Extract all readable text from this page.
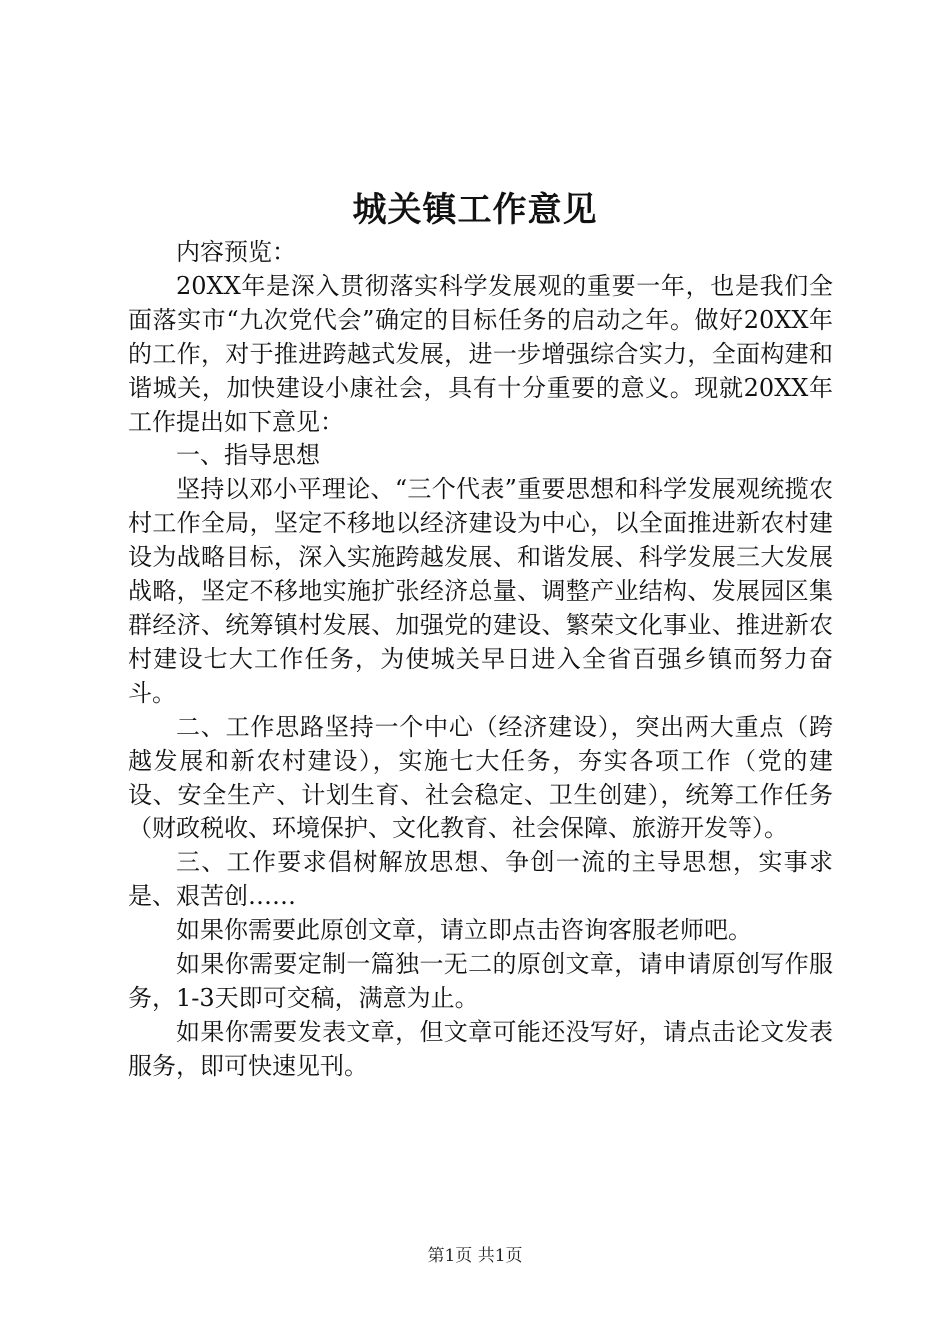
城关镇工作意见

内容预览：

20XX年是深入贯彻落实科学发展观的重要一年，也是我们全面落实市“九次党代会”确定的目标任务的启动之年。做好20XX年的工作，对于推进跨越式发展，进一步增强综合实力，全面构建和谐城关，加快建设小康社会，具有十分重要的意义。现就20XX年工作提出如下意见：

一、指导思想

坚持以邓小平理论、“三个代表”重要思想和科学发展观统揽农村工作全局，坚定不移地以经济建设为中心，以全面推进新农村建设为战略目标，深入实施跨越发展、和谐发展、科学发展三大发展战略，坚定不移地实施扩张经济总量、调整产业结构、发展园区集群经济、统筹镇村发展、加强党的建设、繁荣文化事业、推进新农村建设七大工作任务，为使城关早日进入全省百强乡镇而努力奋斗。

二、工作思路坚持一个中心（经济建设），突出两大重点（跨越发展和新农村建设），实施七大任务，夯实各项工作（党的建设、安全生产、计划生育、社会稳定、卫生创建），统筹工作任务（财政税收、环境保护、文化教育、社会保障、旅游开发等）。

三、工作要求倡树解放思想、争创一流的主导思想，实事求是、艰苦创……

如果你需要此原创文章，请立即点击咨询客服老师吧。

如果你需要定制一篇独一无二的原创文章，请申请原创写作服务，1-3天即可交稿，满意为止。

如果你需要发表文章，但文章可能还没写好，请点击论文发表服务，即可快速见刊。

第1页 共1页
